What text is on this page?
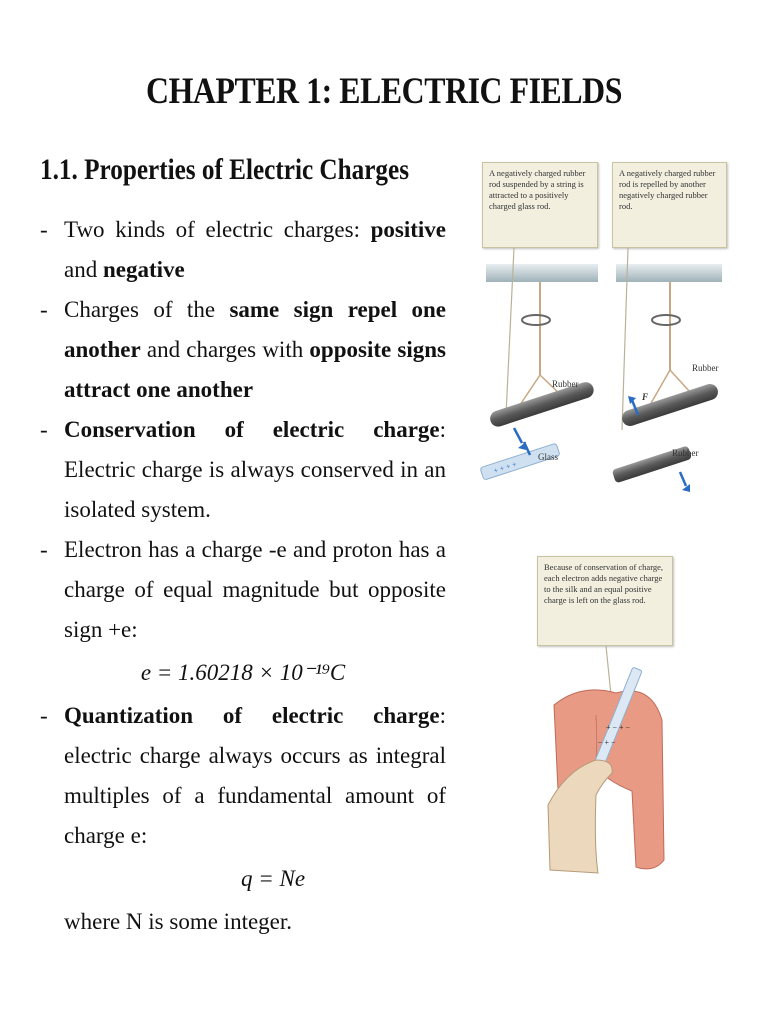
CHAPTER 1: ELECTRIC FIELDS
1.1. Properties of Electric Charges
- Two kinds of electric charges: positive and negative
- Charges of the same sign repel one another and charges with opposite signs attract one another
- Conservation of electric charge: Electric charge is always conserved in an isolated system.
- Electron has a charge -e and proton has a charge of equal magnitude but opposite sign +e:
e = 1.60218 × 10⁻¹⁹C
- Quantization of electric charge: electric charge always occurs as integral multiples of a fundamental amount of charge e:
q = Ne
where N is some integer.
A negatively charged rubber rod suspended by a string is attracted to a positively charged glass rod.
A negatively charged rubber rod is repelled by another negatively charged rubber rod.
+ + + +
Rubber
Glass
Rubber
Rubber
F
Because of conservation of charge, each electron adds negative charge to the silk and an equal positive charge is left on the glass rod.
+ − + −
− + −
